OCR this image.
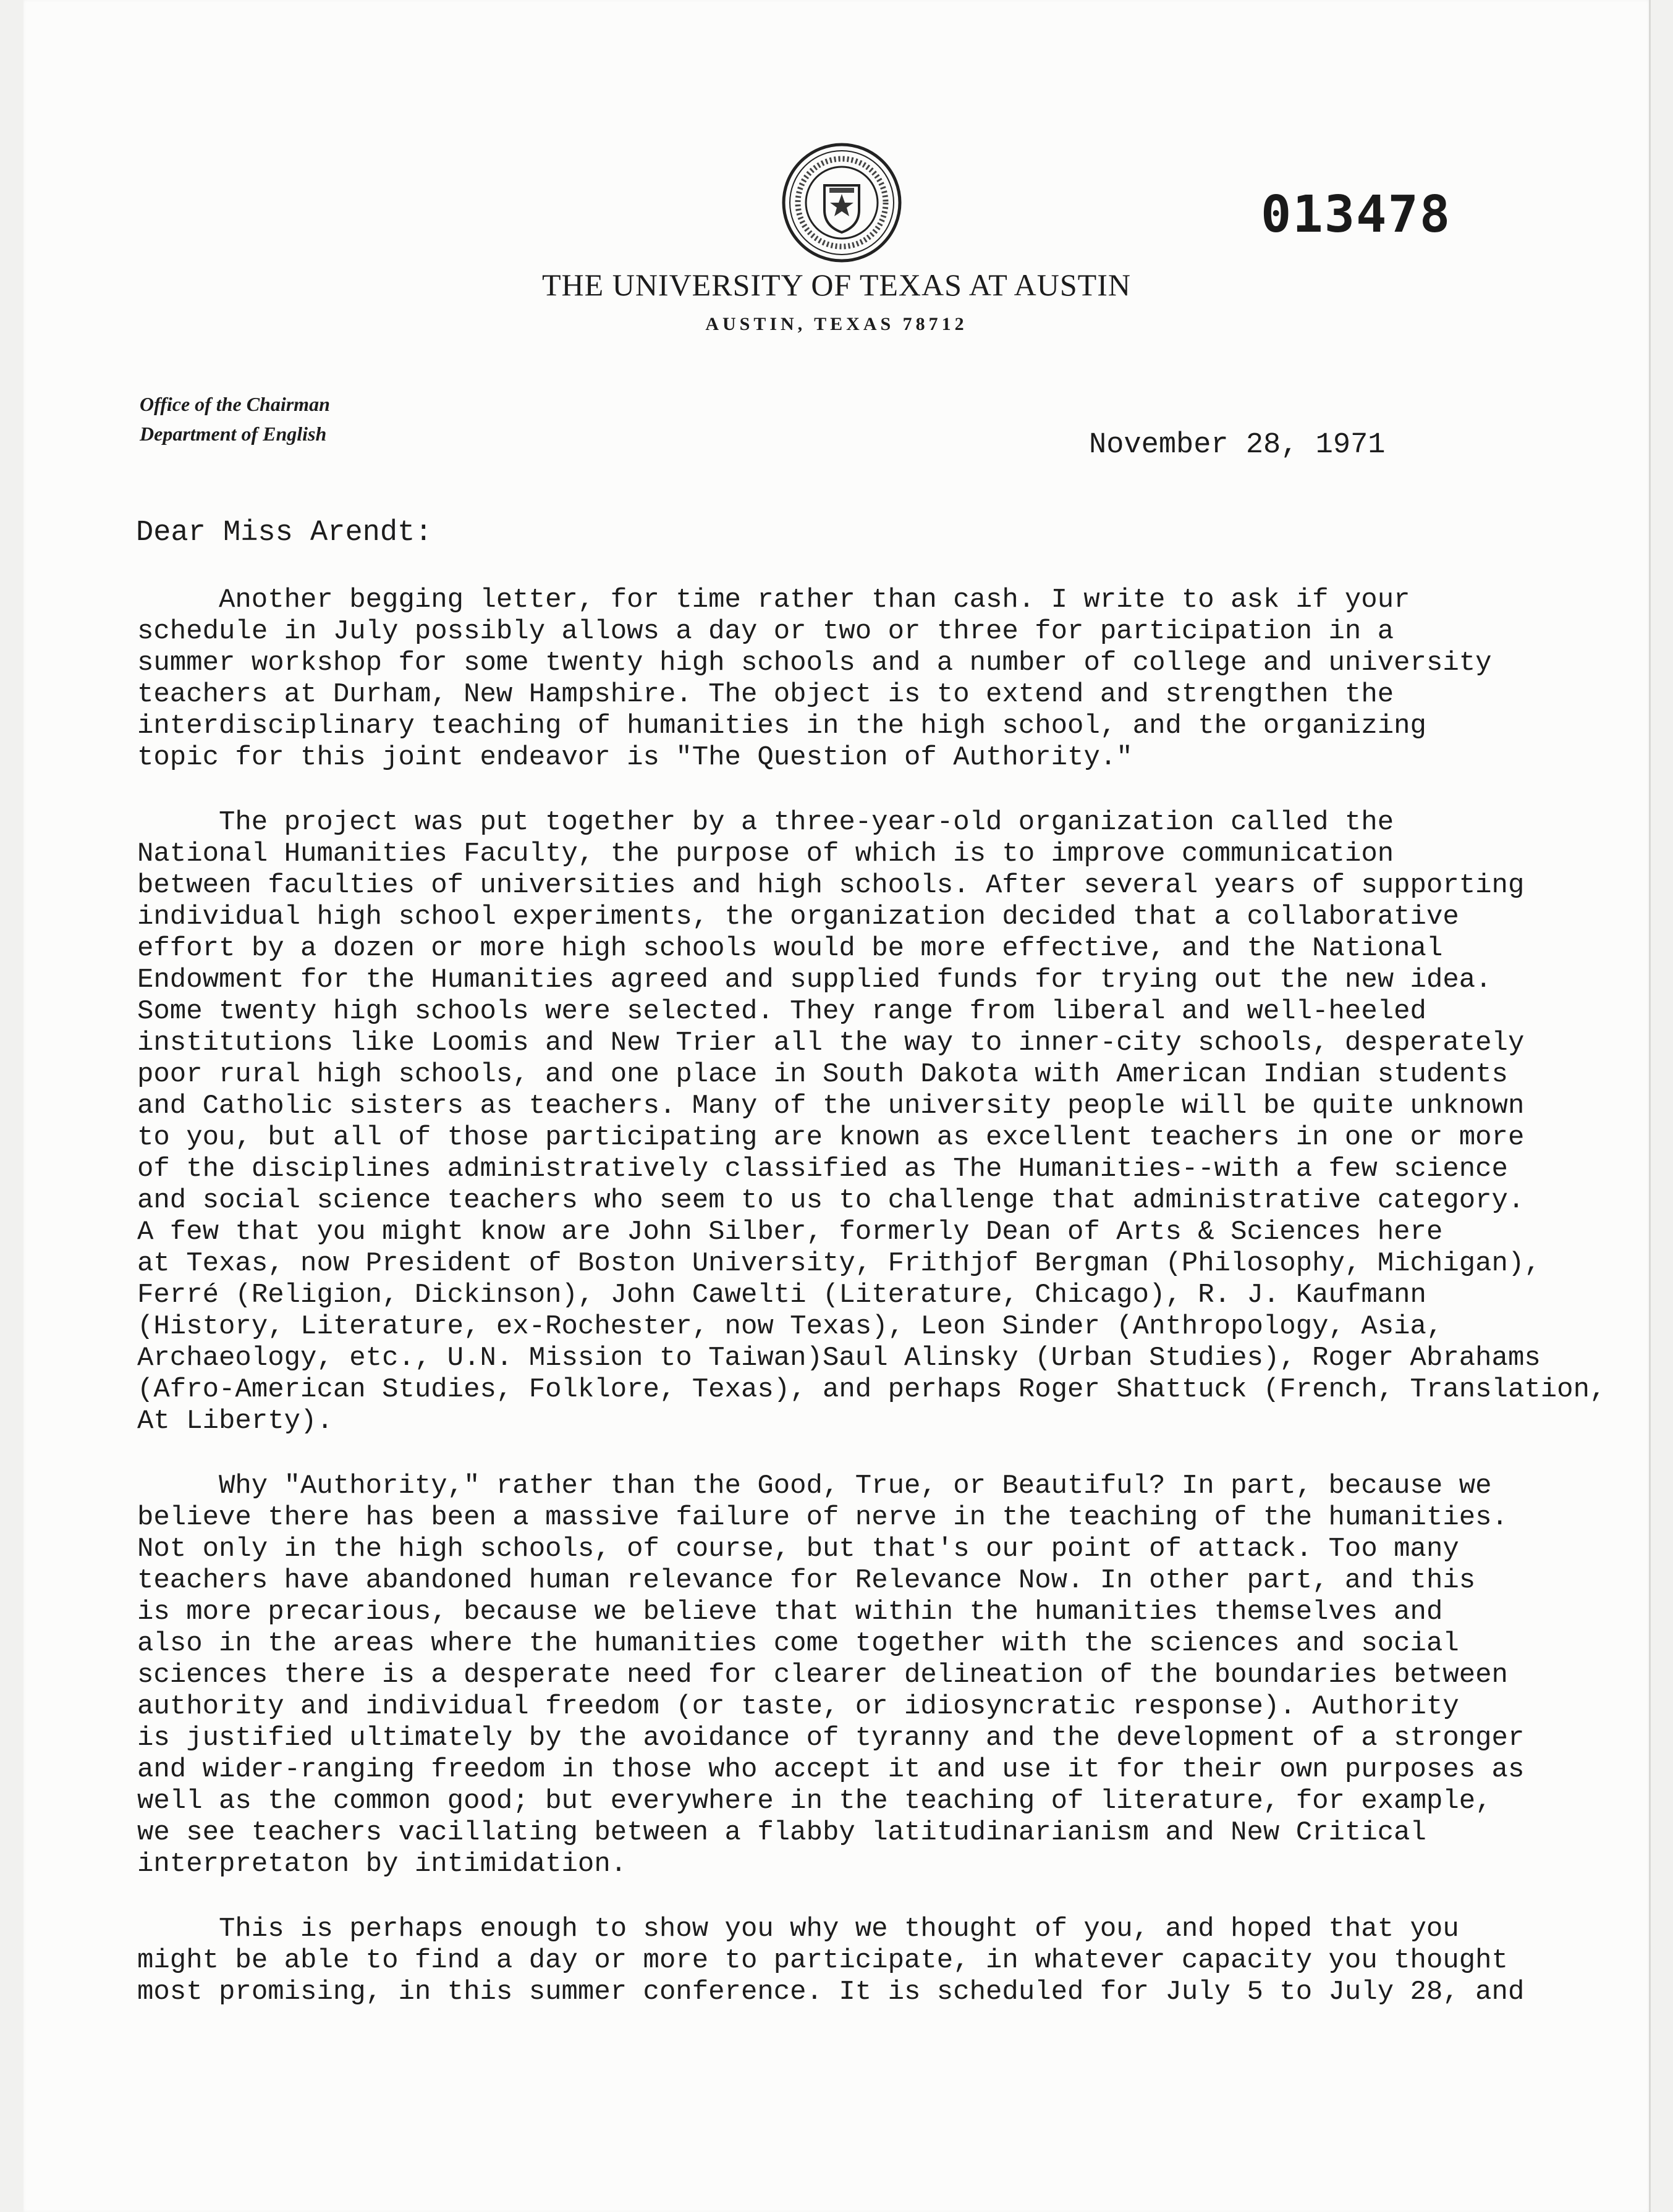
013478
THE UNIVERSITY OF TEXAS AT AUSTIN
AUSTIN, TEXAS 78712
Office of the Chairman
Department of English	November 28, 1971
Dear Miss Arendt:
Another begging letter, for time rather than cash. I write to ask if your
schedule in July possibly allows a day or two or three for participation in a
summer workshop for some twenty high schools and a number of college and university
teachers at Durham, New Hampshire. The object is to extend and strengthen the
interdisciplinary teaching of humanities in the high school, and the organizing
topic for this joint endeavor is "The Question of Authority."
The project was put together by a three-year-old organization called the
National Humanities Faculty, the purpose of which is to improve communication
between faculties of universities and high schools. After several years of supporting
individual high school experiments, the organization decided that a collaborative
effort by a dozen or more high schools would be more effective, and the National
Endowment for the Humanities agreed and supplied funds for trying out the new idea.
Some twenty high schools were selected. They range from liberal and well-heeled
institutions like Loomis and New Trier all the way to inner-city schools, desperately
poor rural high schools, and one place in South Dakota with American Indian students
and Catholic sisters as teachers. Many of the university people will be quite unknown
to you, but all of those participating are known as excellent teachers in one or more
of the disciplines administratively classified as The Humanities--with a few science
and social science teachers who seem to us to challenge that administrative category.
A few that you might know are John Silber, formerly Dean of Arts & Sciences here
at Texas, now President of Boston University, Frithjof Bergman (Philosophy, Michigan),
Ferré (Religion, Dickinson), John Cawelti (Literature, Chicago), R. J. Kaufmann
(History, Literature, ex-Rochester, now Texas), Leon Sinder (Anthropology, Asia,
Archaeology, etc., U.N. Mission to Taiwan)Saul Alinsky (Urban Studies), Roger Abrahams
(Afro-American Studies, Folklore, Texas), and perhaps Roger Shattuck (French, Translation,
At Liberty).
Why "Authority," rather than the Good, True, or Beautiful? In part, because we
believe there has been a massive failure of nerve in the teaching of the humanities.
Not only in the high schools, of course, but that's our point of attack. Too many
teachers have abandoned human relevance for Relevance Now. In other part, and this
is more precarious, because we believe that within the humanities themselves and
also in the areas where the humanities come together with the sciences and social
sciences there is a desperate need for clearer delineation of the boundaries between
authority and individual freedom (or taste, or idiosyncratic response). Authority
is justified ultimately by the avoidance of tyranny and the development of a stronger
and wider-ranging freedom in those who accept it and use it for their own purposes as
well as the common good; but everywhere in the teaching of literature, for example,
we see teachers vacillating between a flabby latitudinarianism and New Critical
interpretaton by intimidation.
This is perhaps enough to show you why we thought of you, and hoped that you
might be able to find a day or more to participate, in whatever capacity you thought
most promising, in this summer conference. It is scheduled for July 5 to July 28, and
